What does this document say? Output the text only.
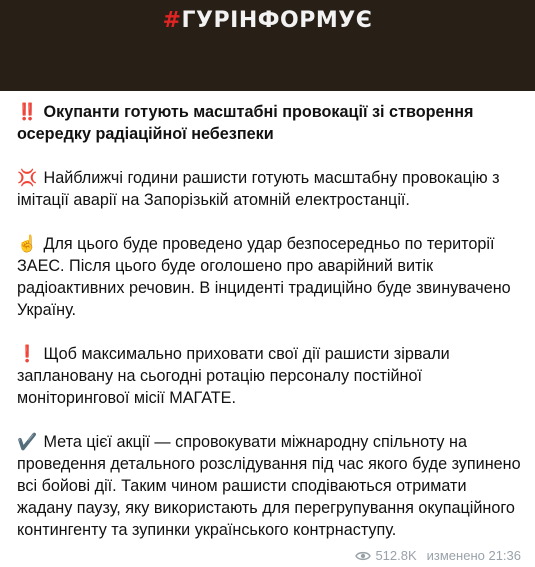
#ГУРІНФОРМУЄ

‼️ Окупанти готують масштабні провокації зі створення осередку радіаційної небезпеки

💢 Найближчі години рашисти готують масштабну провокацію з імітації аварії на Запорізькій атомній електростанції.

☝️ Для цього буде проведено удар безпосередньо по території ЗАЕС. Після цього буде оголошено про аварійний витік радіоактивних речовин. В інциденті традиційно буде звинувачено Україну.

❗️ Щоб максимально приховати свої дії рашисти зірвали заплановану на сьогодні ротацію персоналу постійної моніторингової місії МАГАТЕ.

✔️ Мета цієї акції — спровокувати міжнародну спільноту на проведення детального розслідування під час якого буде зупинено всі бойові дії. Таким чином рашисти сподіваються отримати жадану паузу, яку використають для перегрупування окупаційного контингенту та зупинки українського контрнаступу.

512.8K изменено 21:36
